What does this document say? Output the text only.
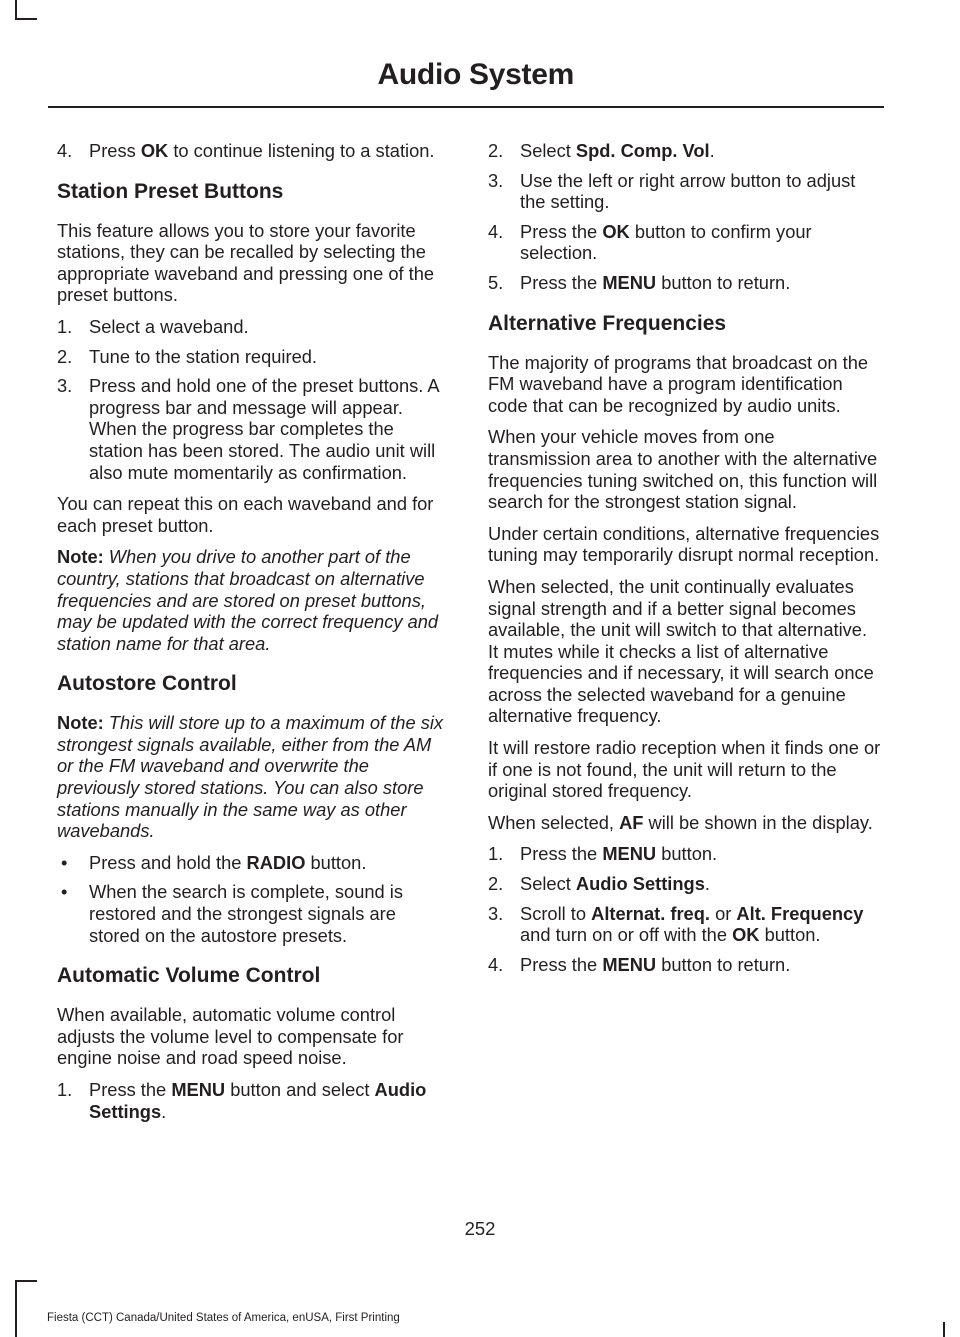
Audio System
4. Press OK to continue listening to a station.
Station Preset Buttons

This feature allows you to store your favorite stations, they can be recalled by selecting the appropriate waveband and pressing one of the preset buttons.

1. Select a waveband.
2. Tune to the station required.
3. Press and hold one of the preset buttons. A progress bar and message will appear. When the progress bar completes the station has been stored. The audio unit will also mute momentarily as confirmation.

You can repeat this on each waveband and for each preset button.

Note: When you drive to another part of the country, stations that broadcast on alternative frequencies and are stored on preset buttons, may be updated with the correct frequency and station name for that area.

Autostore Control

Note: This will store up to a maximum of the six strongest signals available, either from the AM or the FM waveband and overwrite the previously stored stations. You can also store stations manually in the same way as other wavebands.

• Press and hold the RADIO button.
• When the search is complete, sound is restored and the strongest signals are stored on the autostore presets.
Automatic Volume Control

When available, automatic volume control adjusts the volume level to compensate for engine noise and road speed noise.

1. Press the MENU button and select Audio Settings.
2. Select Spd. Comp. Vol.
3. Use the left or right arrow button to adjust the setting.
4. Press the OK button to confirm your selection.
5. Press the MENU button to return.
Alternative Frequencies

The majority of programs that broadcast on the FM waveband have a program identification code that can be recognized by audio units.

When your vehicle moves from one transmission area to another with the alternative frequencies tuning switched on, this function will search for the strongest station signal.

Under certain conditions, alternative frequencies tuning may temporarily disrupt normal reception.

When selected, the unit continually evaluates signal strength and if a better signal becomes available, the unit will switch to that alternative. It mutes while it checks a list of alternative frequencies and if necessary, it will search once across the selected waveband for a genuine alternative frequency.

It will restore radio reception when it finds one or if one is not found, the unit will return to the original stored frequency.

When selected, AF will be shown in the display.

1. Press the MENU button.
2. Select Audio Settings.
3. Scroll to Alternat. freq. or Alt. Frequency and turn on or off with the OK button.
4. Press the MENU button to return.
252
Fiesta (CCT) Canada/United States of America, enUSA, First Printing
